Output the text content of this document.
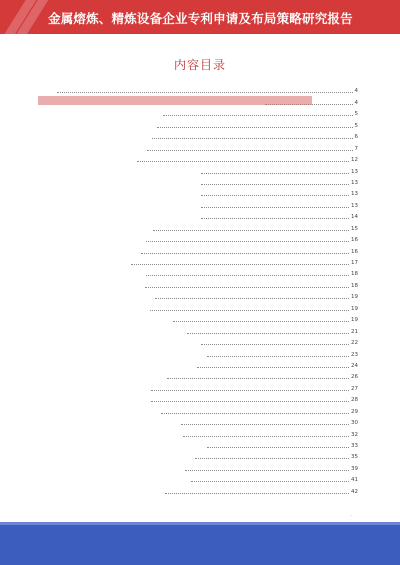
金属熔炼、精炼设备企业专利申请及布局策略研究报告
内容目录
4
4
5
5
6
7
12
13
13
13
13
14
15
16
16
17
18
18
19
19
19
21
22
23
24
26
27
28
29
30
32
33
35
39
41
42
·
